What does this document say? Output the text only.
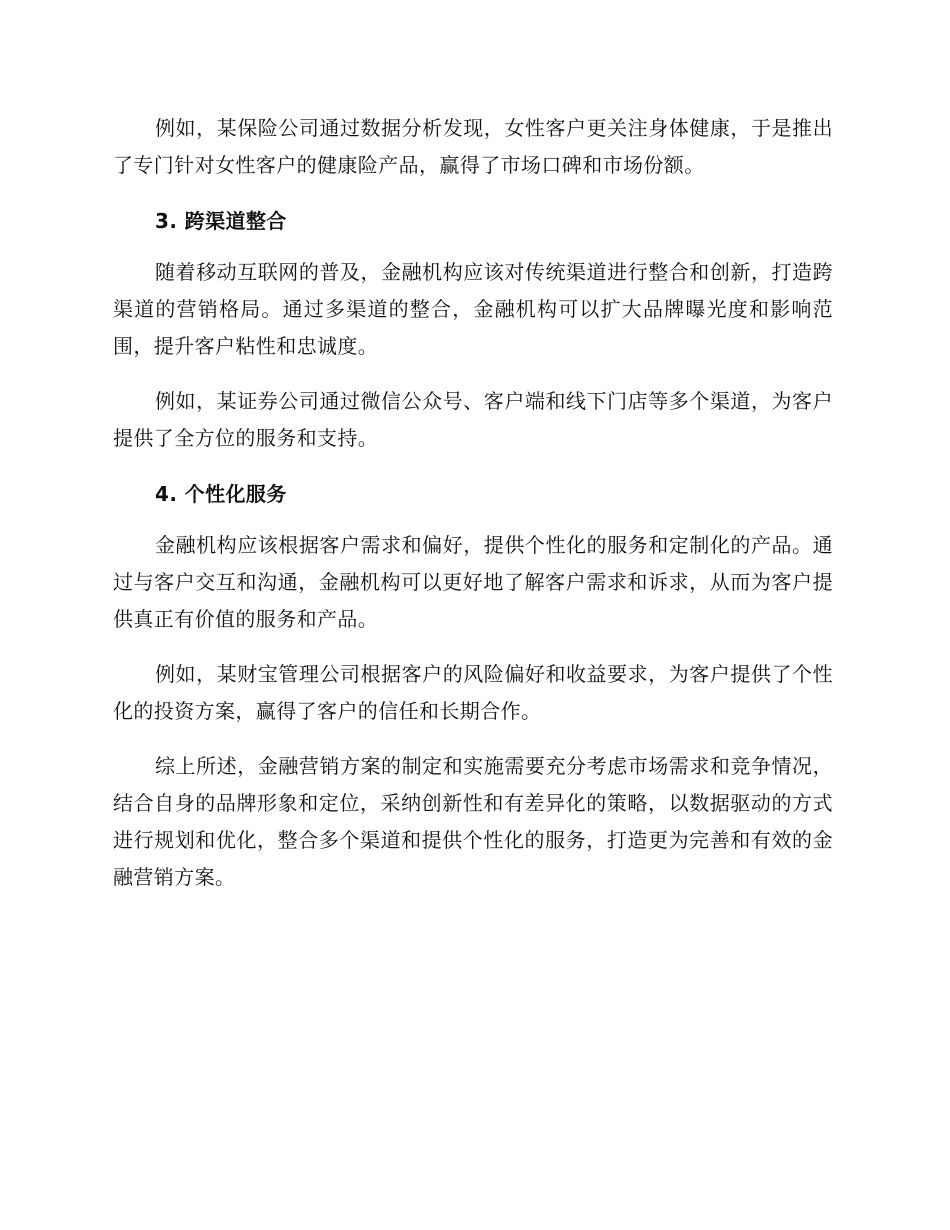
例如，某保险公司通过数据分析发现，女性客户更关注身体健康，于是推出了专门针对女性客户的健康险产品，赢得了市场口碑和市场份额。

3. 跨渠道整合

随着移动互联网的普及，金融机构应该对传统渠道进行整合和创新，打造跨渠道的营销格局。通过多渠道的整合，金融机构可以扩大品牌曝光度和影响范围，提升客户粘性和忠诚度。

例如，某证券公司通过微信公众号、客户端和线下门店等多个渠道，为客户提供了全方位的服务和支持。

4. 个性化服务

金融机构应该根据客户需求和偏好，提供个性化的服务和定制化的产品。通过与客户交互和沟通，金融机构可以更好地了解客户需求和诉求，从而为客户提供真正有价值的服务和产品。

例如，某财宝管理公司根据客户的风险偏好和收益要求，为客户提供了个性化的投资方案，赢得了客户的信任和长期合作。

综上所述，金融营销方案的制定和实施需要充分考虑市场需求和竞争情况，结合自身的品牌形象和定位，采纳创新性和有差异化的策略，以数据驱动的方式进行规划和优化，整合多个渠道和提供个性化的服务，打造更为完善和有效的金融营销方案。
